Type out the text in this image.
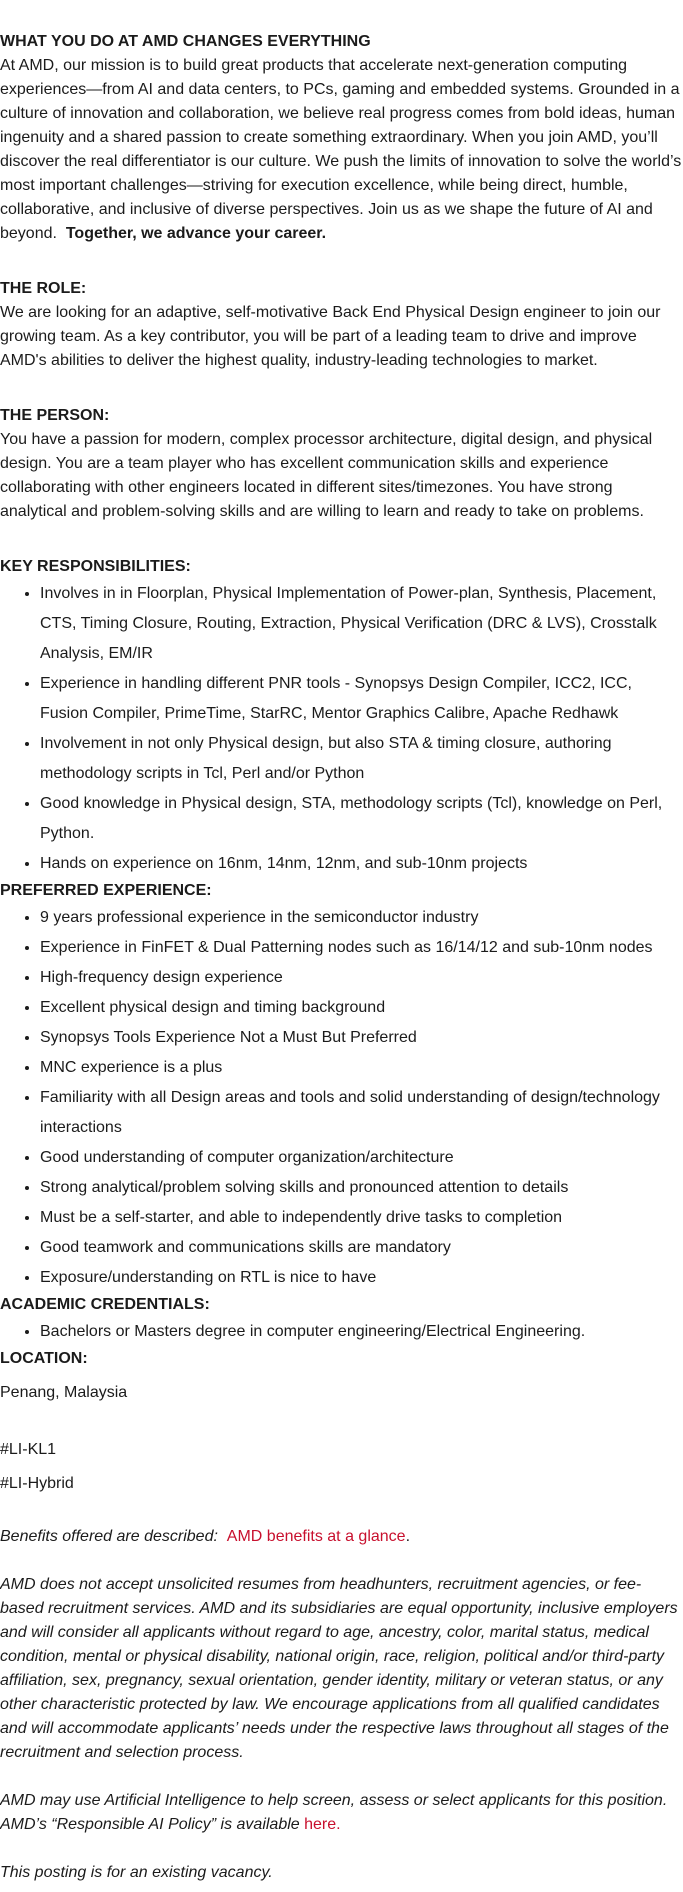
WHAT YOU DO AT AMD CHANGES EVERYTHING

At AMD, our mission is to build great products that accelerate next-generation computing experiences—from AI and data centers, to PCs, gaming and embedded systems. Grounded in a culture of innovation and collaboration, we believe real progress comes from bold ideas, human ingenuity and a shared passion to create something extraordinary. When you join AMD, you’ll discover the real differentiator is our culture. We push the limits of innovation to solve the world’s most important challenges—striving for execution excellence, while being direct, humble, collaborative, and inclusive of diverse perspectives. Join us as we shape the future of AI and beyond. Together, we advance your career.

THE ROLE:

We are looking for an adaptive, self-motivative Back End Physical Design engineer to join our growing team. As a key contributor, you will be part of a leading team to drive and improve AMD's abilities to deliver the highest quality, industry-leading technologies to market.

THE PERSON:

You have a passion for modern, complex processor architecture, digital design, and physical design. You are a team player who has excellent communication skills and experience collaborating with other engineers located in different sites/timezones. You have strong analytical and problem-solving skills and are willing to learn and ready to take on problems.

KEY RESPONSIBILITIES:
• Involves in in Floorplan, Physical Implementation of Power-plan, Synthesis, Placement, CTS, Timing Closure, Routing, Extraction, Physical Verification (DRC & LVS), Crosstalk Analysis, EM/IR
• Experience in handling different PNR tools - Synopsys Design Compiler, ICC2, ICC, Fusion Compiler, PrimeTime, StarRC, Mentor Graphics Calibre, Apache Redhawk
• Involvement in not only Physical design, but also STA & timing closure, authoring methodology scripts in Tcl, Perl and/or Python
• Good knowledge in Physical design, STA, methodology scripts (Tcl), knowledge on Perl, Python.
• Hands on experience on 16nm, 14nm, 12nm, and sub-10nm projects
PREFERRED EXPERIENCE:
• 9 years professional experience in the semiconductor industry
• Experience in FinFET & Dual Patterning nodes such as 16/14/12 and sub-10nm nodes
• High-frequency design experience
• Excellent physical design and timing background
• Synopsys Tools Experience Not a Must But Preferred
• MNC experience is a plus
• Familiarity with all Design areas and tools and solid understanding of design/technology interactions
• Good understanding of computer organization/architecture
• Strong analytical/problem solving skills and pronounced attention to details
• Must be a self-starter, and able to independently drive tasks to completion
• Good teamwork and communications skills are mandatory
• Exposure/understanding on RTL is nice to have
ACADEMIC CREDENTIALS:
• Bachelors or Masters degree in computer engineering/Electrical Engineering.
LOCATION:

Penang, Malaysia

#LI-KL1

#LI-Hybrid

Benefits offered are described: AMD benefits at a glance.

AMD does not accept unsolicited resumes from headhunters, recruitment agencies, or fee-based recruitment services. AMD and its subsidiaries are equal opportunity, inclusive employers and will consider all applicants without regard to age, ancestry, color, marital status, medical condition, mental or physical disability, national origin, race, religion, political and/or third-party affiliation, sex, pregnancy, sexual orientation, gender identity, military or veteran status, or any other characteristic protected by law. We encourage applications from all qualified candidates and will accommodate applicants’ needs under the respective laws throughout all stages of the recruitment and selection process.

AMD may use Artificial Intelligence to help screen, assess or select applicants for this position. AMD’s “Responsible AI Policy” is available here.

This posting is for an existing vacancy.
